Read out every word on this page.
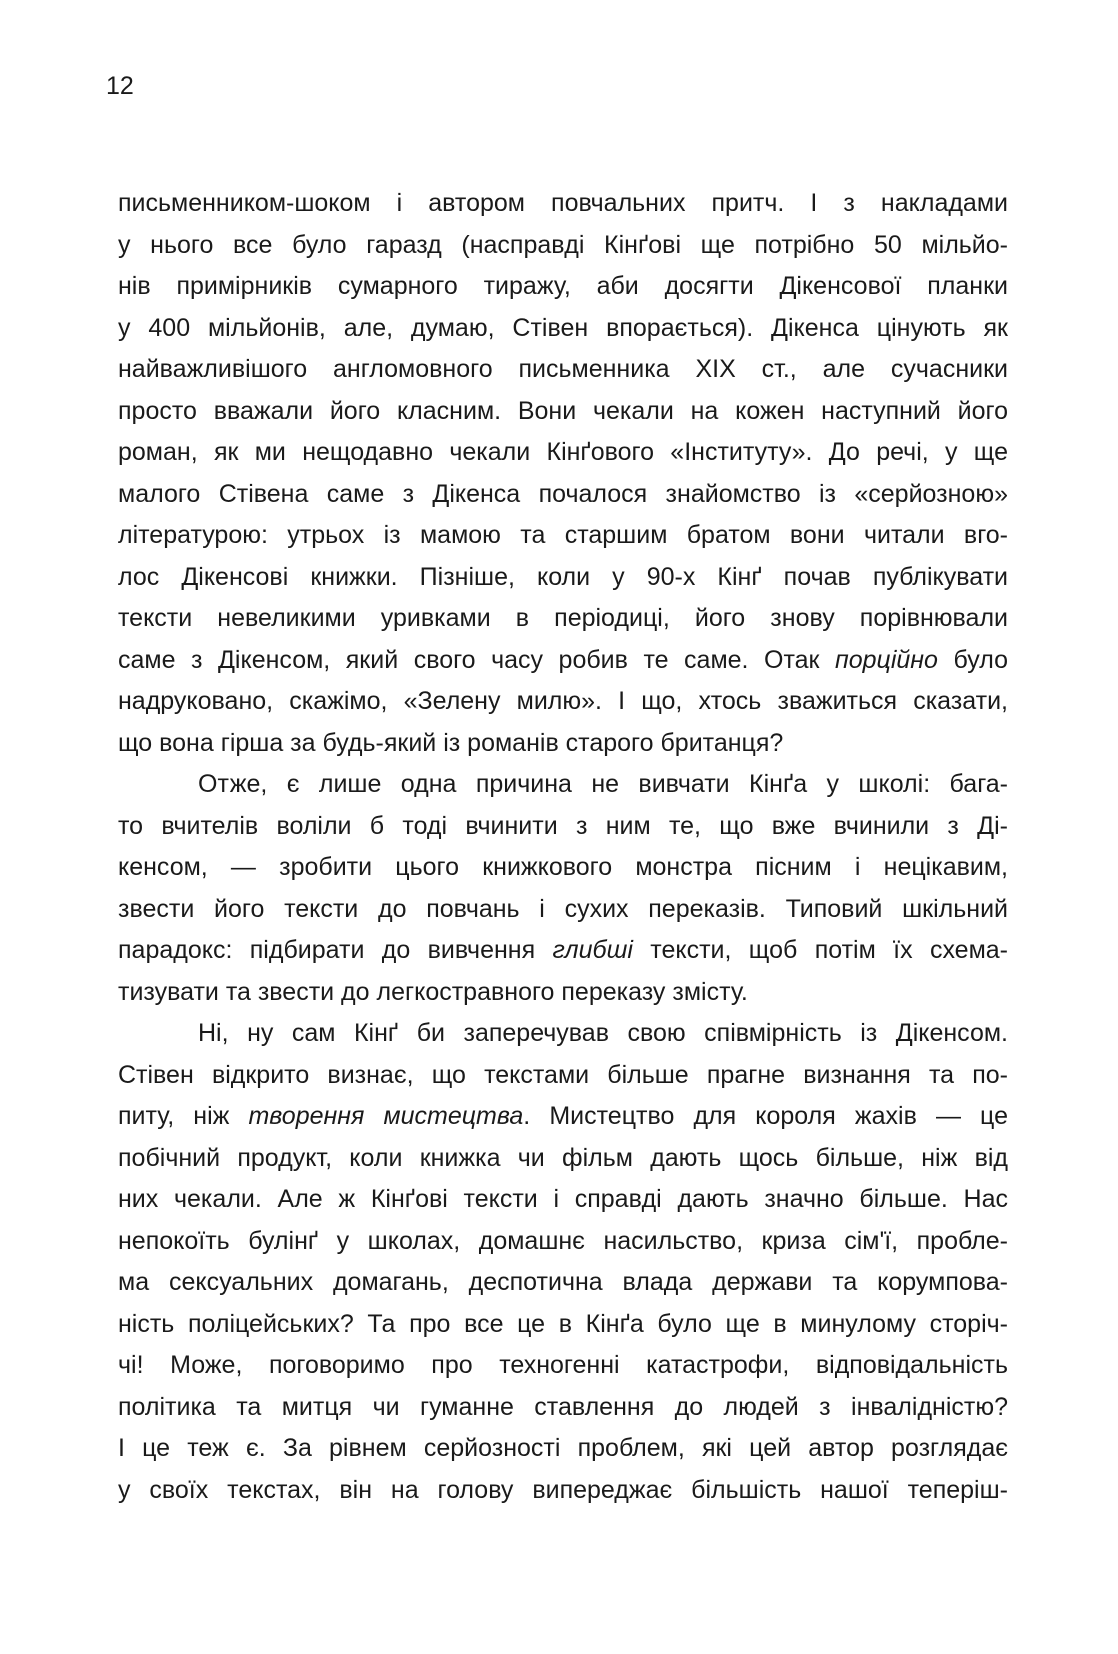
12
письменником-шоком і автором повчальних притч. І з накладами
у нього все було гаразд (насправді Кінґові ще потрібно 50 мільйо-
нів примірників сумарного тиражу, аби досягти Дікенсової планки
у 400 мільйонів, але, думаю, Стівен впорається). Дікенса цінують як
найважливішого англомовного письменника ХІХ ст., але сучасники
просто вважали його класним. Вони чекали на кожен наступний його
роман, як ми нещодавно чекали Кінґового «Інституту». До речі, у ще
малого Стівена саме з Дікенса почалося знайомство із «серйозною»
літературою: утрьох із мамою та старшим братом вони читали вго-
лос Дікенсові книжки. Пізніше, коли у 90-х Кінґ почав публікувати
тексти невеликими уривками в періодиці, його знову порівнювали
саме з Дікенсом, який свого часу робив те саме. Отак порційно було
надруковано, скажімо, «Зелену милю». І що, хтось зважиться сказати,
що вона гірша за будь-який із романів старого британця?
Отже, є лише одна причина не вивчати Кінґа у школі: бага-
то вчителів воліли б тоді вчинити з ним те, що вже вчинили з Ді-
кенсом, — зробити цього книжкового монстра пісним і нецікавим,
звести його тексти до повчань і сухих переказів. Типовий шкільний
парадокс: підбирати до вивчення глибші тексти, щоб потім їх схема-
тизувати та звести до легкостравного переказу змісту.
Ні, ну сам Кінґ би заперечував свою співмірність із Дікенсом.
Стівен відкрито визнає, що текстами більше прагне визнання та по-
питу, ніж творення мистецтва. Мистецтво для короля жахів — це
побічний продукт, коли книжка чи фільм дають щось більше, ніж від
них чекали. Але ж Кінґові тексти і справді дають значно більше. Нас
непокоїть булінґ у школах, домашнє насильство, криза сім'ї, пробле-
ма сексуальних домагань, деспотична влада держави та корумпова-
ність поліцейських? Та про все це в Кінґа було ще в минулому сторіч-
чі! Може, поговоримо про техногенні катастрофи, відповідальність
політика та митця чи гуманне ставлення до людей з інвалідністю?
І це теж є. За рівнем серйозності проблем, які цей автор розглядає
у своїх текстах, він на голову випереджає більшість нашої теперіш-
